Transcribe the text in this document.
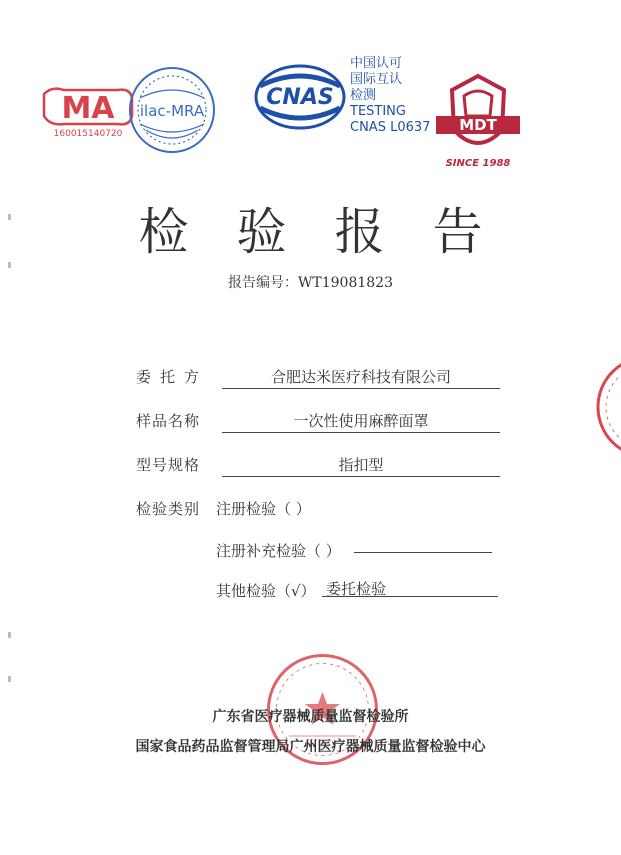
MA
160015140720
ilac-MRA
CNAS
中国认可
国际互认
检测
TESTING
CNAS L0637	MDT
SINCE 1988
检验报告
报告编号：WT19081823
委托方	合肥达米医疗科技有限公司
样品名称	一次性使用麻醉面罩
型号规格	指扣型
检验类别 注册检验（ ）
注册补充检验（ ）
其他检验（√） 委托检验
广东省医疗器械质量监督检验所
国家食品药品监督管理局广州医疗器械质量监督检验中心
